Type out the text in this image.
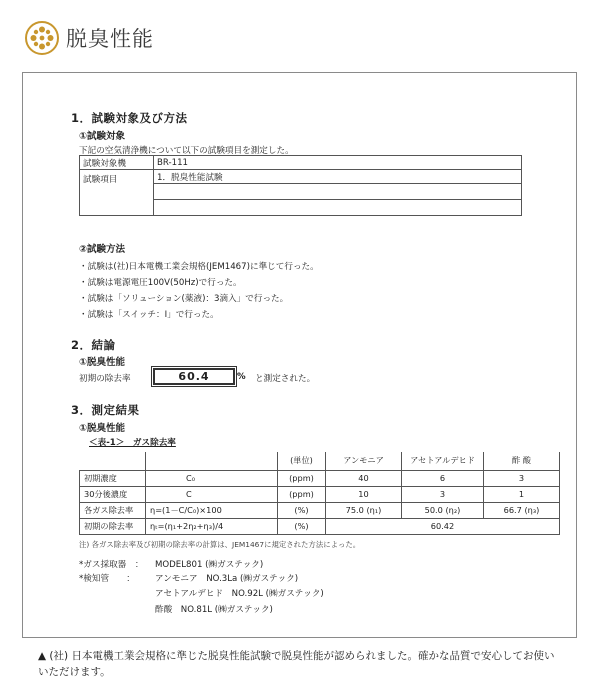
脱臭性能
1．試験対象及び方法
①試験対象
下記の空気清浄機について以下の試験項目を測定した。
試験対象機	BR-111
試験項目	1．脱臭性能試験

②試験方法
・試験は(社)日本電機工業会規格(JEM1467)に準じて行った。
・試験は電源電圧100V(50Hz)で行った。
・試験は「ソリューション(薬液)：3滴入」で行った。
・試験は「スイッチ：Ⅰ」で行った。
2．結論
①脱臭性能
初期の除去率	60.4	% と測定された。
3．測定結果
①脱臭性能
＜表-1＞　ガス除去率
		(単位)	アンモニア	アセトアルデヒド	酢 酸
初期濃度	C₀	(ppm)	40	6	3
30分後濃度	C	(ppm)	10	3	1
各ガス除去率	η=(1－C/C₀)×100	(%)	75.0 (η₁)	50.0 (η₂)	66.7 (η₃)
初期の除去率	ηₜ=(η₁+2η₂+η₃)/4	(%)	60.42		
注) 各ガス除去率及び初期の除去率の計算は、JEM1467に規定された方法によった。
*ガス採取器　： MODEL801 (㈱ガステック)
*検知管　　： アンモニア　NO.3La (㈱ガステック)
アセトアルデヒド　NO.92L (㈱ガステック)
酢酸　NO.81L (㈱ガステック)
▲ (社) 日本電機工業会規格に準じた脱臭性能試験で脱臭性能が認められました。確かな品質で安心してお使い
いただけます。
